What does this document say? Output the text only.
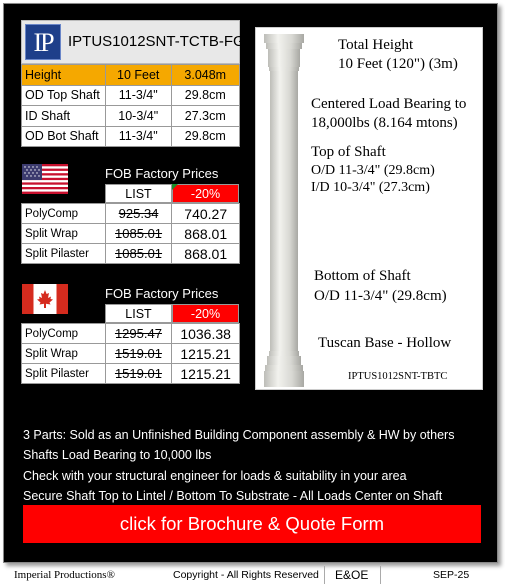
IP	IPTUS1012SNT-TCTB-FG
Height	10 Feet	3.048m
OD Top Shaft	11-3/4"	29.8cm
ID Shaft	10-3/4"	27.3cm
OD Bot Shaft	11-3/4"	29.8cm
FOB Factory Prices
LIST	-20%
PolyComp	925.34	740.27
Split Wrap	1085.01	868.01
Split Pilaster	1085.01	868.01
FOB Factory Prices
LIST	-20%
PolyComp	1295.47	1036.38
Split Wrap	1519.01	1215.21
Split Pilaster	1519.01	1215.21
Total Height
10 Feet (120") (3m)
Centered Load Bearing to
18,000lbs (8.164 mtons)
Top of Shaft
O/D 11-3/4" (29.8cm)
I/D 10-3/4" (27.3cm)
Bottom of Shaft
O/D 11-3/4" (29.8cm)
Tuscan Base - Hollow
IPTUS1012SNT-TBTC
3 Parts: Sold as an Unfinished Building Component assembly & HW by others
Shafts Load Bearing to 10,000 lbs
Check with your structural engineer for loads & suitability in your area
Secure Shaft Top to Lintel / Bottom To Substrate - All Loads Center on Shaft
click for Brochure & Quote Form
Imperial Productions®	Copyright - All Rights Reserved E&OE	SEP-25
